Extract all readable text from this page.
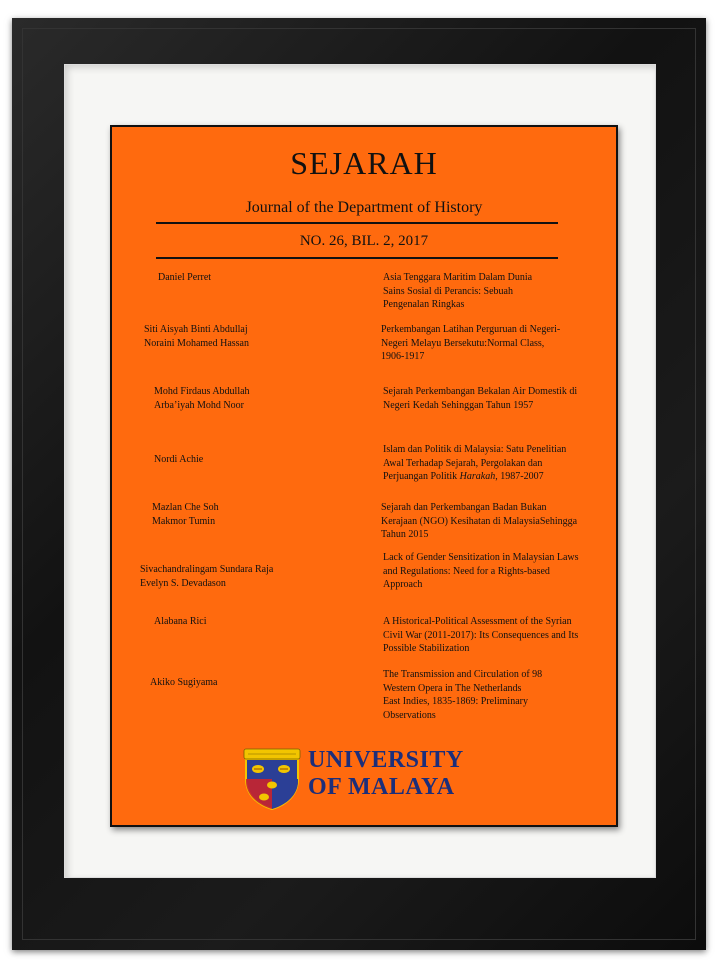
SEJARAH
Journal of the Department of History
NO. 26, BIL. 2, 2017
Daniel Perret	Asia Tenggara Maritim Dalam Dunia
Sains Sosial di Perancis: Sebuah
Pengenalan Ringkas
Siti Aisyah Binti Abdullaj
Noraini Mohamed Hassan
Perkembangan Latihan Perguruan di Negeri-
Negeri Melayu Bersekutu:Normal Class,
1906-1917
Mohd Firdaus Abdullah
Arba’iyah Mohd Noor
Sejarah Perkembangan Bekalan Air Domestik di
Negeri Kedah Sehinggan Tahun 1957
Nordi Achie
Islam dan Politik di Malaysia: Satu Penelitian
Awal Terhadap Sejarah, Pergolakan dan
Perjuangan Politik Harakah, 1987-2007
Mazlan Che Soh
Makmor Tumin
Sejarah dan Perkembangan Badan Bukan
Kerajaan (NGO) Kesihatan di MalaysiaSehingga
Tahun 2015
Sivachandralingam Sundara Raja
Evelyn S. Devadason
Lack of Gender Sensitization in Malaysian Laws
and Regulations: Need for a Rights-based
Approach
Alabana Rici	A Historical-Political Assessment of the Syrian
Civil War (2011-2017): Its Consequences and Its
Possible Stabilization
Akiko Sugiyama
The Transmission and Circulation of 98
Western Opera in The Netherlands
East Indies, 1835-1869: Preliminary
Observations
UNIVERSITY
OF MALAYA
